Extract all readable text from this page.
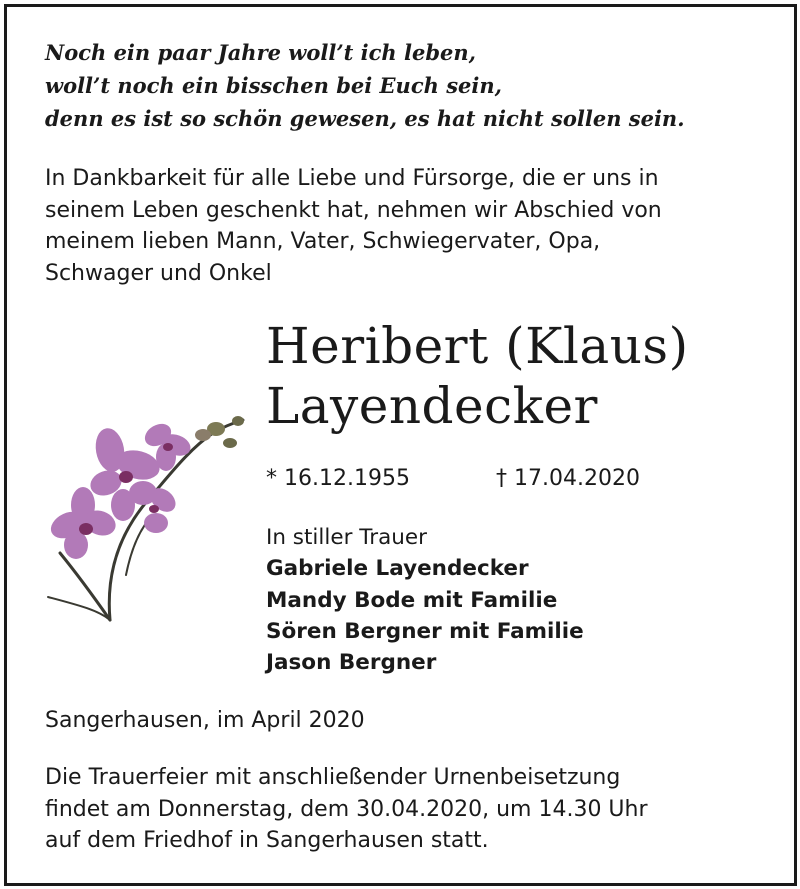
Noch ein paar Jahre woll’t ich leben,
woll’t noch ein bisschen bei Euch sein,
denn es ist so schön gewesen, es hat nicht sollen sein.
In Dankbarkeit für alle Liebe und Fürsorge, die er uns in
seinem Leben geschenkt hat, nehmen wir Abschied von
meinem lieben Mann, Vater, Schwiegervater, Opa,
Schwager und Onkel
Heribert (Klaus)
Layendecker
* 16.12.1955	† 17.04.2020
In stiller Trauer
Gabriele Layendecker
Mandy Bode mit Familie
Sören Bergner mit Familie
Jason Bergner
Sangerhausen, im April 2020
Die Trauerfeier mit anschließender Urnenbeisetzung
findet am Donnerstag, dem 30.04.2020, um 14.30 Uhr
auf dem Friedhof in Sangerhausen statt.
